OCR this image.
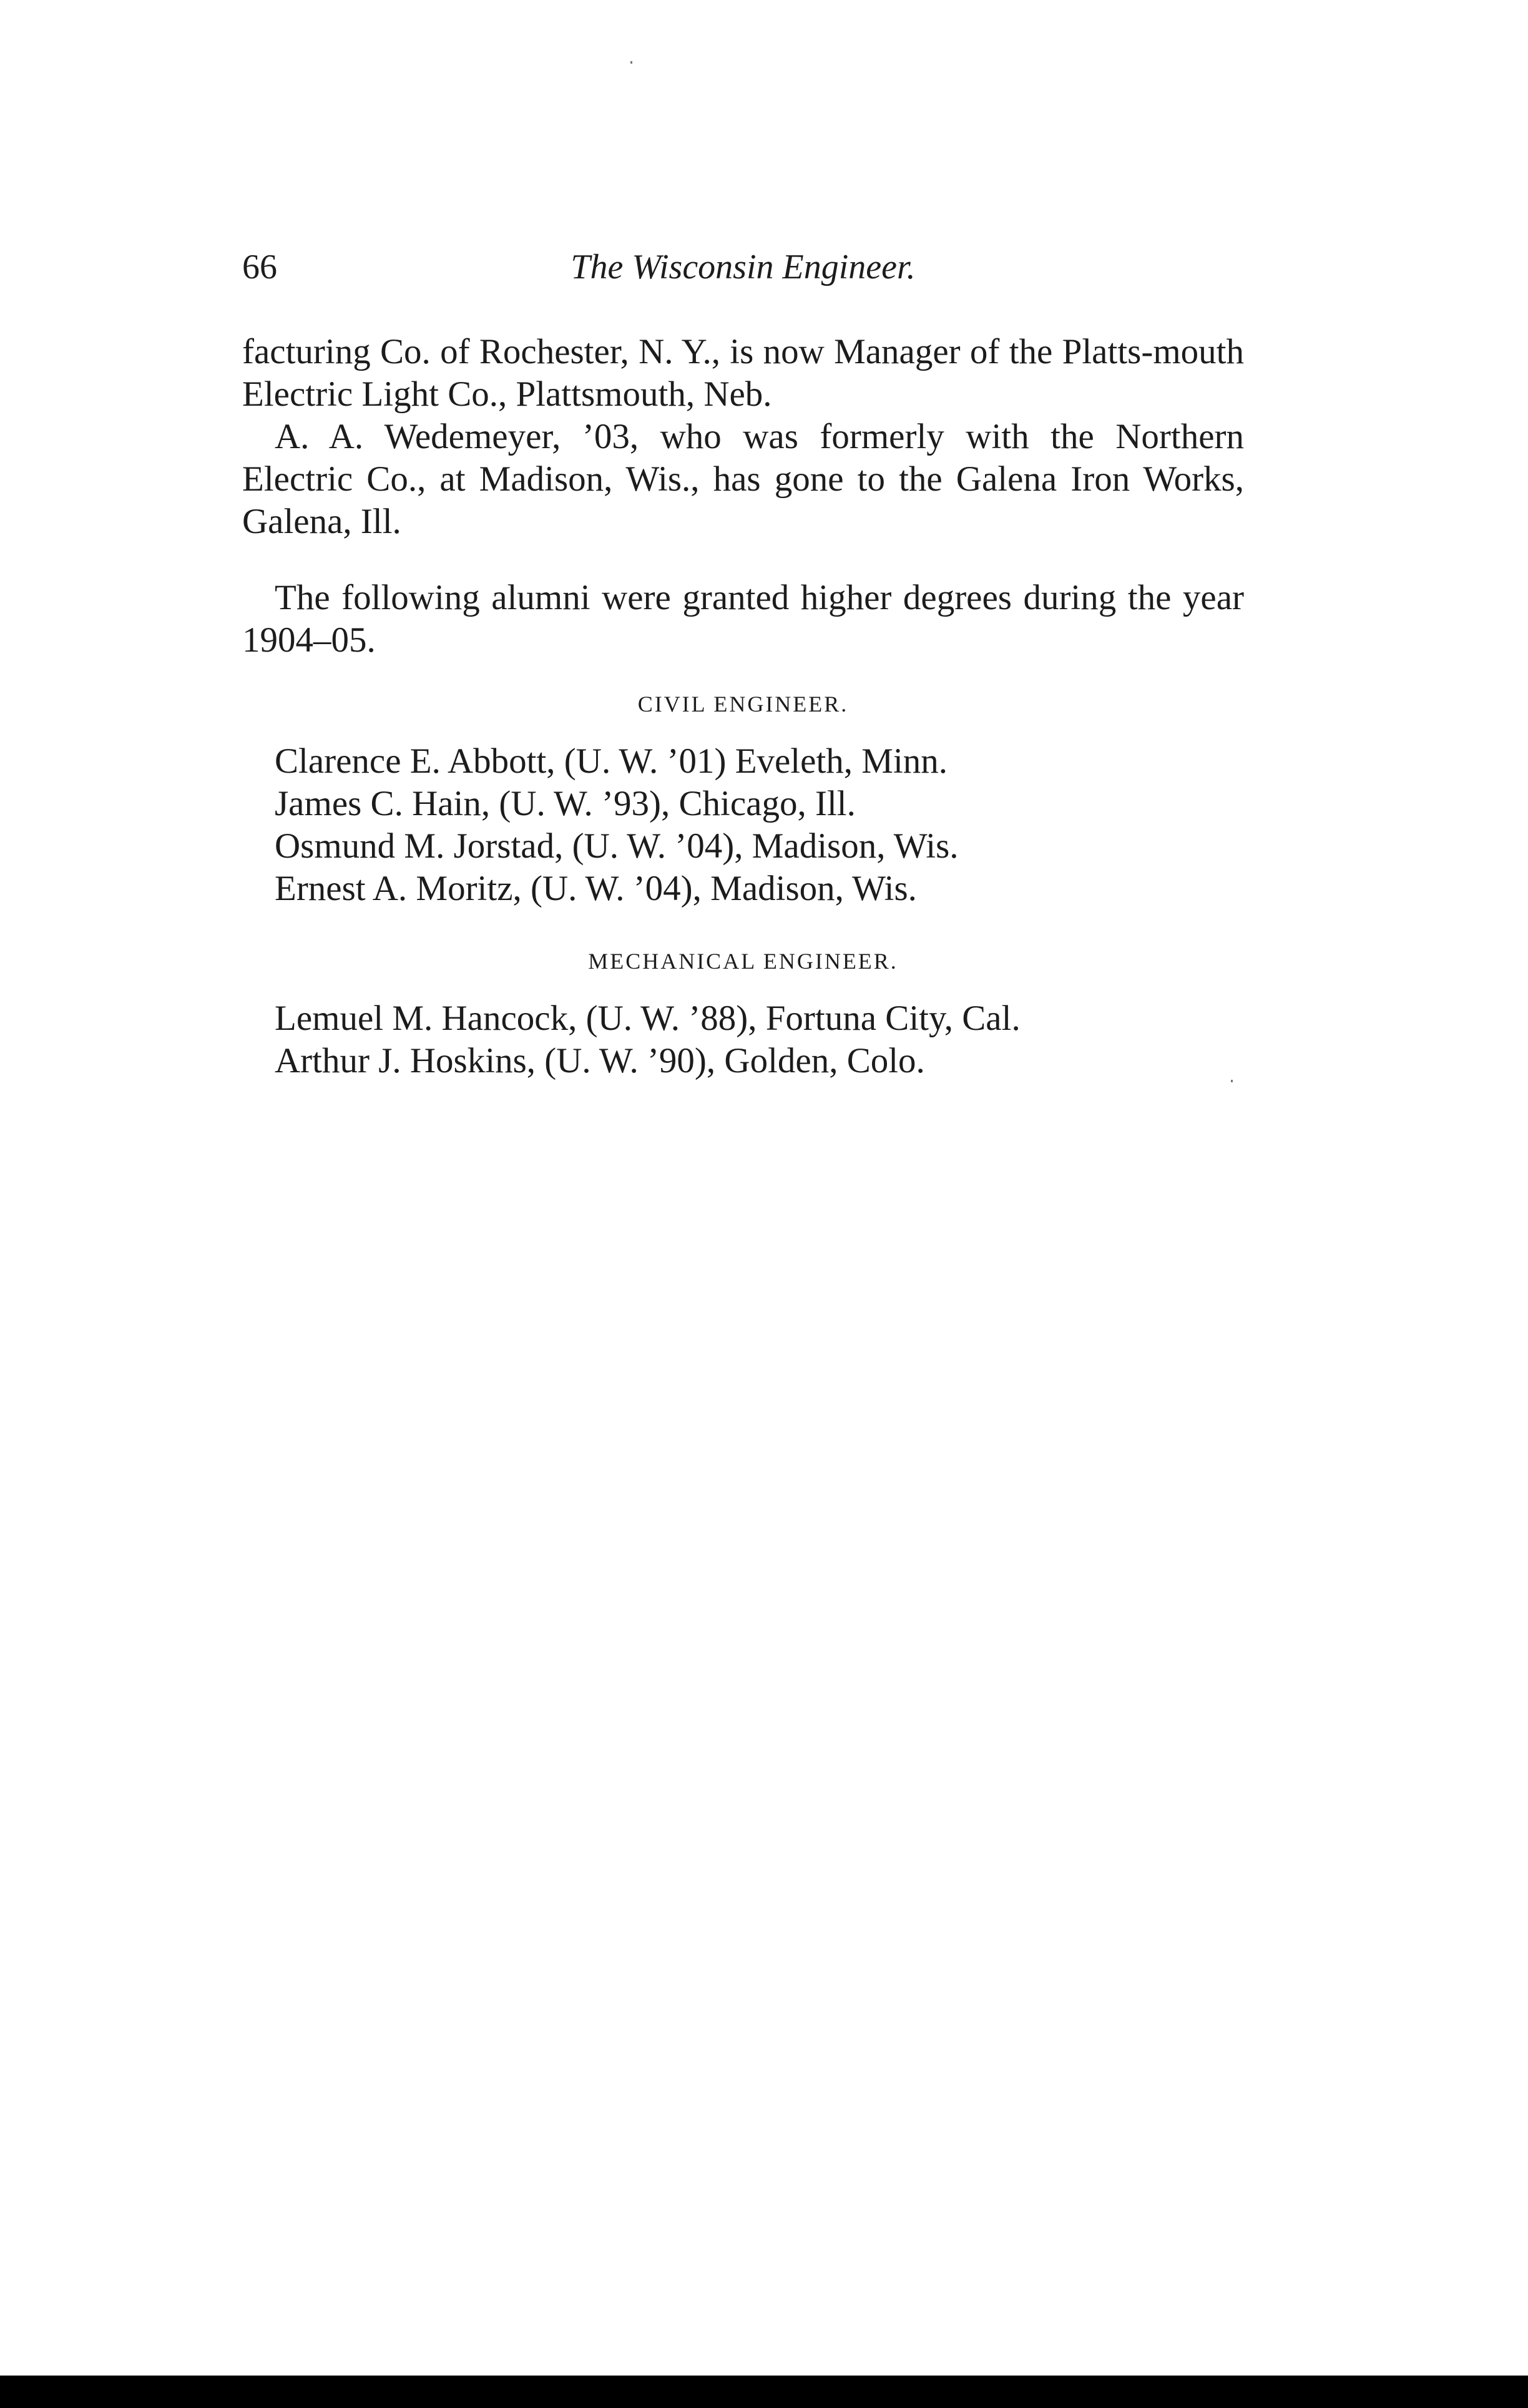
66	The Wisconsin Engineer.

facturing Co. of Rochester, N. Y., is now Manager of the Platts-mouth Electric Light Co., Plattsmouth, Neb.

A. A. Wedemeyer, ’03, who was formerly with the Northern Electric Co., at Madison, Wis., has gone to the Galena Iron Works, Galena, Ill.

The following alumni were granted higher degrees during the year 1904–05.

CIVIL ENGINEER.
Clarence E. Abbott, (U. W. ’01) Eveleth, Minn.
James C. Hain, (U. W. ’93), Chicago, Ill.
Osmund M. Jorstad, (U. W. ’04), Madison, Wis.
Ernest A. Moritz, (U. W. ’04), Madison, Wis.
MECHANICAL ENGINEER.
Lemuel M. Hancock, (U. W. ’88), Fortuna City, Cal.
Arthur J. Hoskins, (U. W. ’90), Golden, Colo.
